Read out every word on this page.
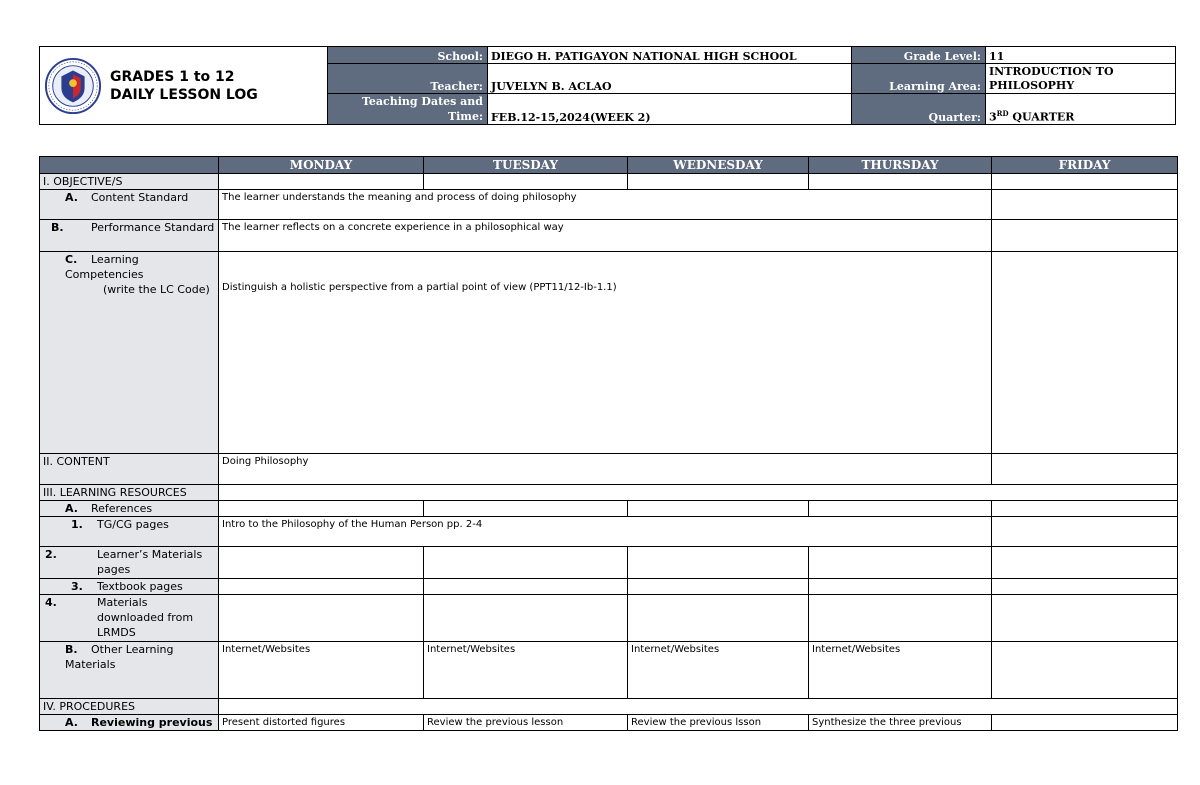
GRADES 1 to 12
DAILY LESSON LOG	School:	DIEGO H. PATIGAYON NATIONAL HIGH SCHOOL	Grade Level:	11
	Teacher:	JUVELYN B. ACLAO	Learning Area:	INTRODUCTION TO PHILOSOPHY
	Teaching Dates and Time:	FEB.12-15,2024(WEEK 2)	Quarter:	3RD QUARTER
	MONDAY	TUESDAY	WEDNESDAY	THURSDAY	FRIDAY
I. OBJECTIVE/S					

A. Content Standard	The learner understands the meaning and process of doing philosophy				

B. Performance Standard	The learner reflects on a concrete experience in a philosophical way				

C. Learning Competencies
(write the LC Code)	Distinguish a holistic perspective from a partial point of view (PPT11/12-Ib-1.1)				
II. CONTENT	Doing Philosophy				
III. LEARNING RESOURCES					

A. References					

1. TG/CG pages	Intro to the Philosophy of the Human Person pp. 2-4				

2. Learner’s Materials pages					

3. Textbook pages					

4. Materials downloaded from LRMDS					

B. Other Learning Materials	Internet/Websites	Internet/Websites	Internet/Websites	Internet/Websites	
IV. PROCEDURES					

A. Reviewing previous	Present distorted figures	Review the previous lesson	Review the previous lsson	Synthesize the three previous	
